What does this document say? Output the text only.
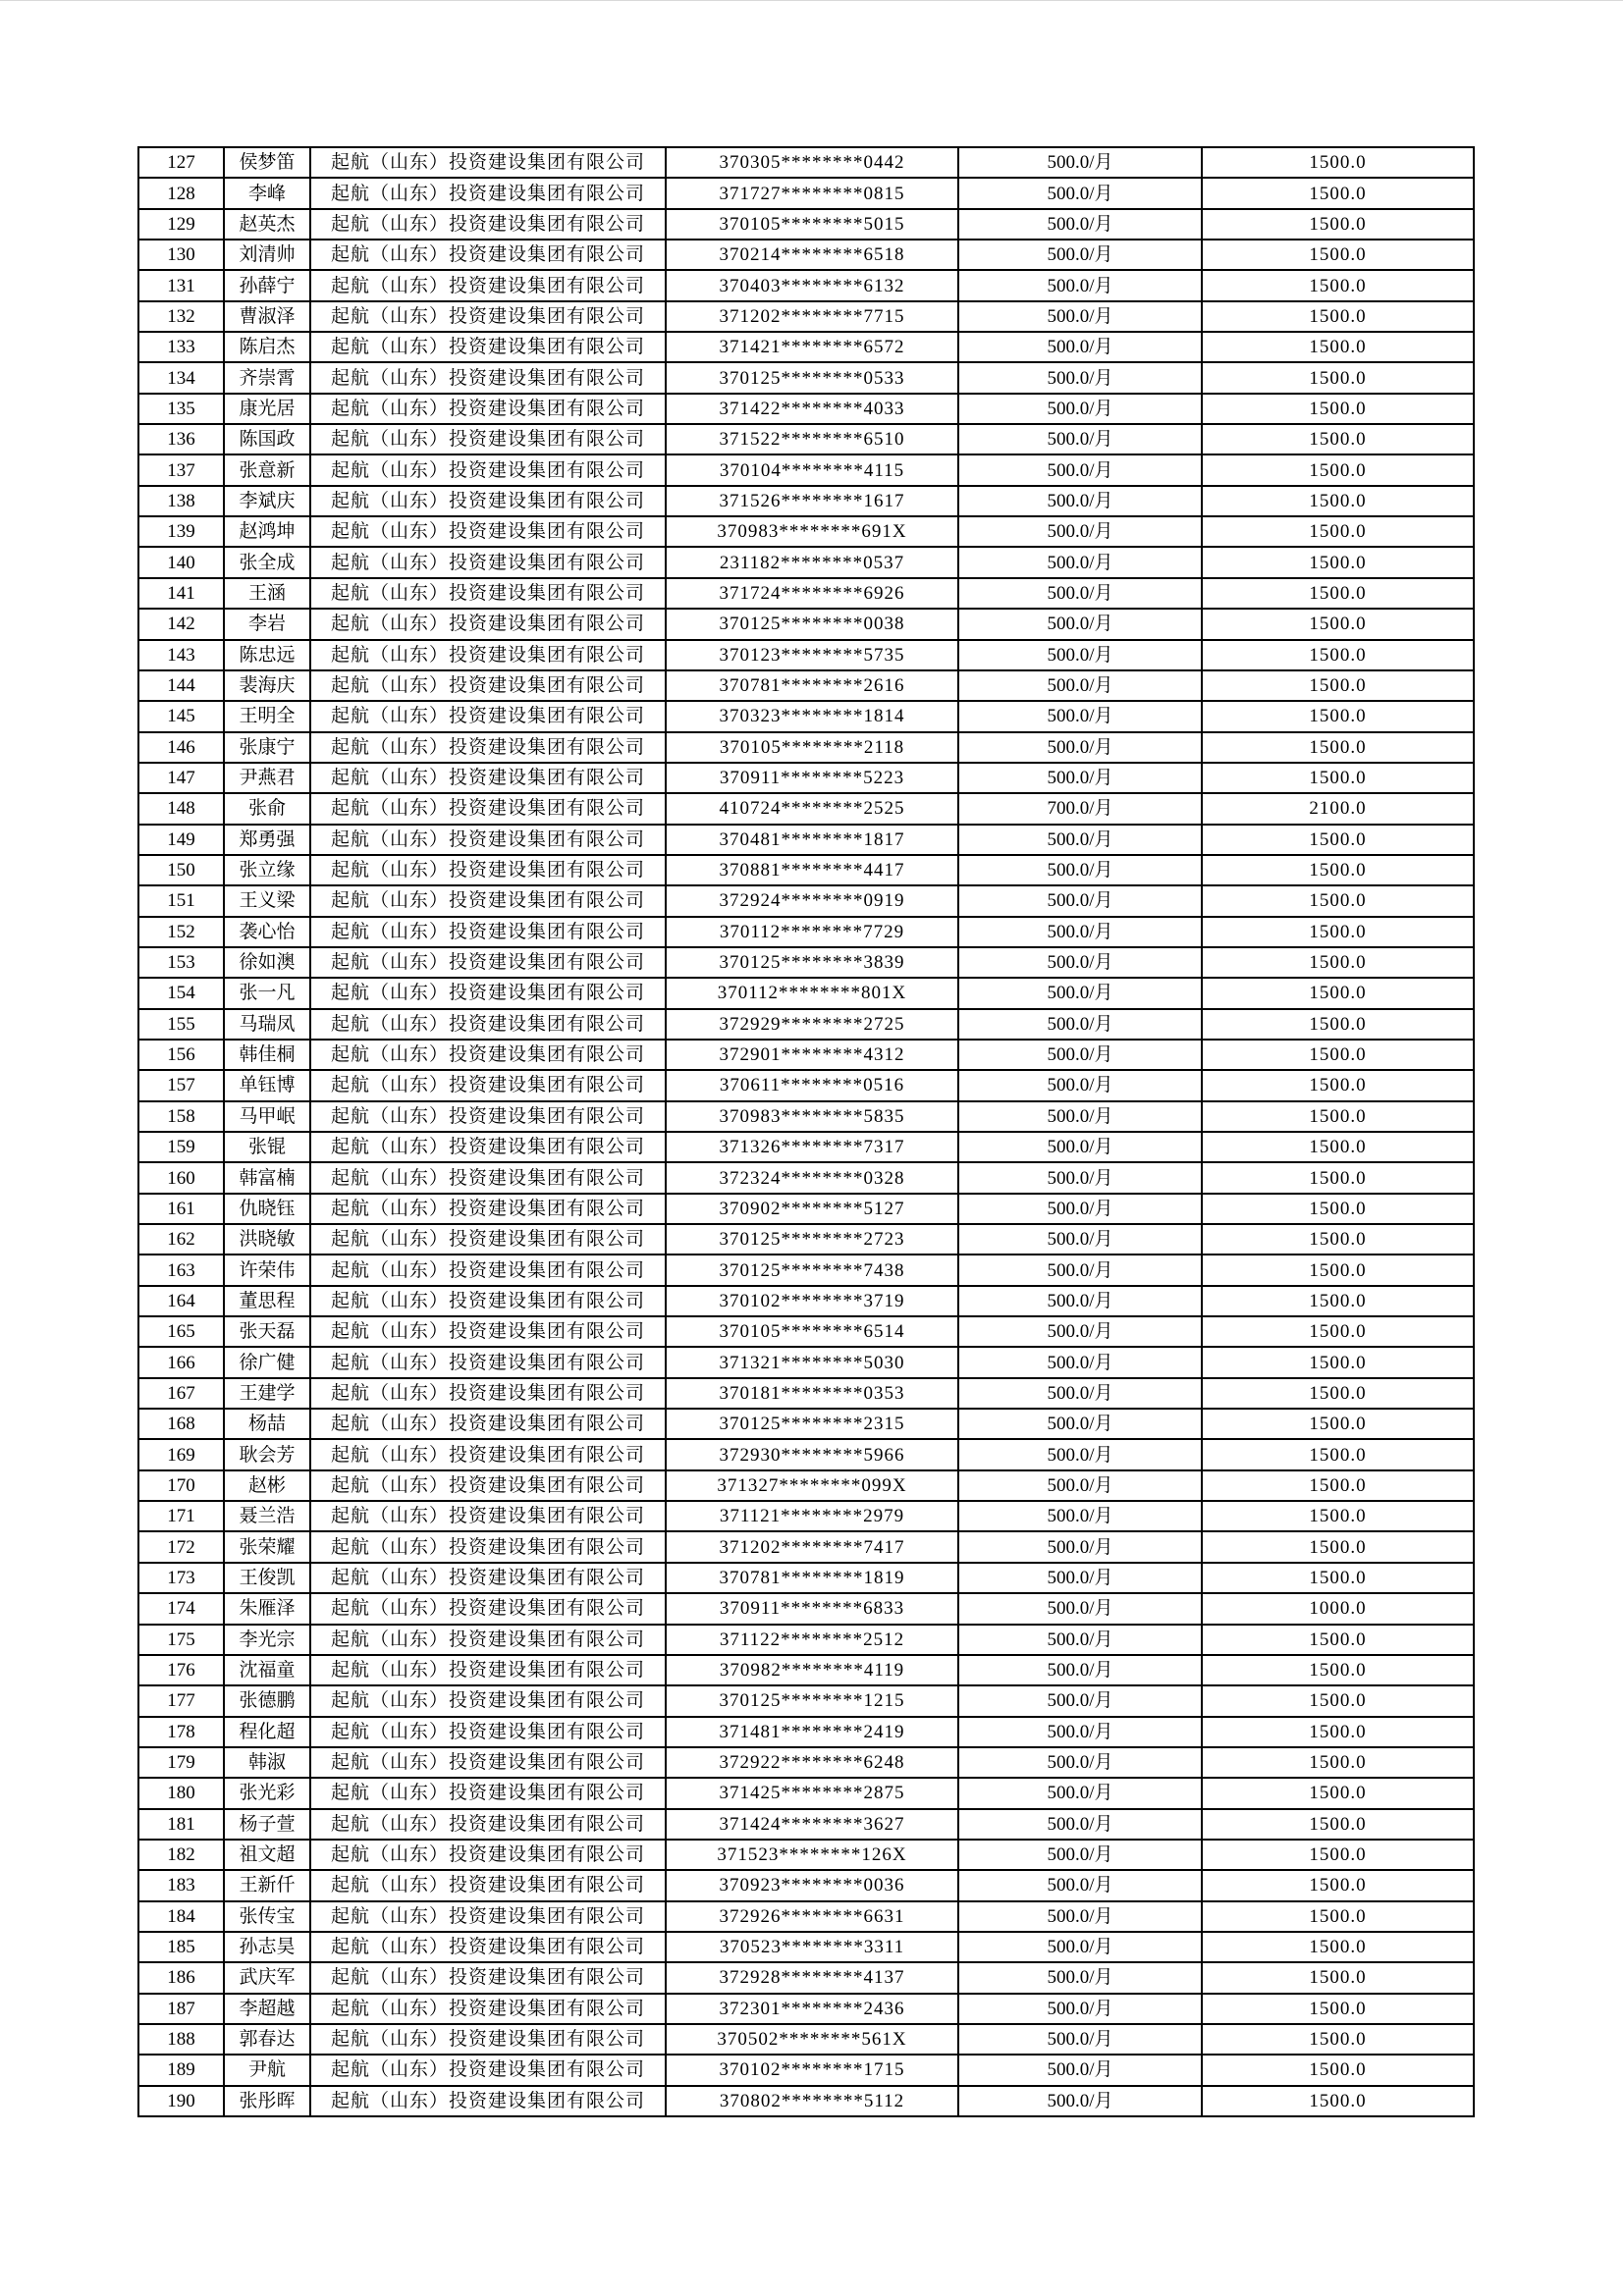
127	侯梦笛	起航（山东）投资建设集团有限公司	370305********0442	500.0/月	1500.0
128	李峰	起航（山东）投资建设集团有限公司	371727********0815	500.0/月	1500.0
129	赵英杰	起航（山东）投资建设集团有限公司	370105********5015	500.0/月	1500.0
130	刘清帅	起航（山东）投资建设集团有限公司	370214********6518	500.0/月	1500.0
131	孙薛宁	起航（山东）投资建设集团有限公司	370403********6132	500.0/月	1500.0
132	曹淑泽	起航（山东）投资建设集团有限公司	371202********7715	500.0/月	1500.0
133	陈启杰	起航（山东）投资建设集团有限公司	371421********6572	500.0/月	1500.0
134	齐崇霄	起航（山东）投资建设集团有限公司	370125********0533	500.0/月	1500.0
135	康光居	起航（山东）投资建设集团有限公司	371422********4033	500.0/月	1500.0
136	陈国政	起航（山东）投资建设集团有限公司	371522********6510	500.0/月	1500.0
137	张意新	起航（山东）投资建设集团有限公司	370104********4115	500.0/月	1500.0
138	李斌庆	起航（山东）投资建设集团有限公司	371526********1617	500.0/月	1500.0
139	赵鸿坤	起航（山东）投资建设集团有限公司	370983********691X	500.0/月	1500.0
140	张全成	起航（山东）投资建设集团有限公司	231182********0537	500.0/月	1500.0
141	王涵	起航（山东）投资建设集团有限公司	371724********6926	500.0/月	1500.0
142	李岩	起航（山东）投资建设集团有限公司	370125********0038	500.0/月	1500.0
143	陈忠远	起航（山东）投资建设集团有限公司	370123********5735	500.0/月	1500.0
144	裴海庆	起航（山东）投资建设集团有限公司	370781********2616	500.0/月	1500.0
145	王明全	起航（山东）投资建设集团有限公司	370323********1814	500.0/月	1500.0
146	张康宁	起航（山东）投资建设集团有限公司	370105********2118	500.0/月	1500.0
147	尹燕君	起航（山东）投资建设集团有限公司	370911********5223	500.0/月	1500.0
148	张俞	起航（山东）投资建设集团有限公司	410724********2525	700.0/月	2100.0
149	郑勇强	起航（山东）投资建设集团有限公司	370481********1817	500.0/月	1500.0
150	张立缘	起航（山东）投资建设集团有限公司	370881********4417	500.0/月	1500.0
151	王义梁	起航（山东）投资建设集团有限公司	372924********0919	500.0/月	1500.0
152	袭心怡	起航（山东）投资建设集团有限公司	370112********7729	500.0/月	1500.0
153	徐如澳	起航（山东）投资建设集团有限公司	370125********3839	500.0/月	1500.0
154	张一凡	起航（山东）投资建设集团有限公司	370112********801X	500.0/月	1500.0
155	马瑞凤	起航（山东）投资建设集团有限公司	372929********2725	500.0/月	1500.0
156	韩佳桐	起航（山东）投资建设集团有限公司	372901********4312	500.0/月	1500.0
157	单钰博	起航（山东）投资建设集团有限公司	370611********0516	500.0/月	1500.0
158	马甲岷	起航（山东）投资建设集团有限公司	370983********5835	500.0/月	1500.0
159	张锟	起航（山东）投资建设集团有限公司	371326********7317	500.0/月	1500.0
160	韩富楠	起航（山东）投资建设集团有限公司	372324********0328	500.0/月	1500.0
161	仇晓钰	起航（山东）投资建设集团有限公司	370902********5127	500.0/月	1500.0
162	洪晓敏	起航（山东）投资建设集团有限公司	370125********2723	500.0/月	1500.0
163	许荣伟	起航（山东）投资建设集团有限公司	370125********7438	500.0/月	1500.0
164	董思程	起航（山东）投资建设集团有限公司	370102********3719	500.0/月	1500.0
165	张天磊	起航（山东）投资建设集团有限公司	370105********6514	500.0/月	1500.0
166	徐广健	起航（山东）投资建设集团有限公司	371321********5030	500.0/月	1500.0
167	王建学	起航（山东）投资建设集团有限公司	370181********0353	500.0/月	1500.0
168	杨喆	起航（山东）投资建设集团有限公司	370125********2315	500.0/月	1500.0
169	耿会芳	起航（山东）投资建设集团有限公司	372930********5966	500.0/月	1500.0
170	赵彬	起航（山东）投资建设集团有限公司	371327********099X	500.0/月	1500.0
171	聂兰浩	起航（山东）投资建设集团有限公司	371121********2979	500.0/月	1500.0
172	张荣耀	起航（山东）投资建设集团有限公司	371202********7417	500.0/月	1500.0
173	王俊凯	起航（山东）投资建设集团有限公司	370781********1819	500.0/月	1500.0
174	朱雁泽	起航（山东）投资建设集团有限公司	370911********6833	500.0/月	1000.0
175	李光宗	起航（山东）投资建设集团有限公司	371122********2512	500.0/月	1500.0
176	沈福童	起航（山东）投资建设集团有限公司	370982********4119	500.0/月	1500.0
177	张德鹏	起航（山东）投资建设集团有限公司	370125********1215	500.0/月	1500.0
178	程化超	起航（山东）投资建设集团有限公司	371481********2419	500.0/月	1500.0
179	韩淑	起航（山东）投资建设集团有限公司	372922********6248	500.0/月	1500.0
180	张光彩	起航（山东）投资建设集团有限公司	371425********2875	500.0/月	1500.0
181	杨子萱	起航（山东）投资建设集团有限公司	371424********3627	500.0/月	1500.0
182	祖文超	起航（山东）投资建设集团有限公司	371523********126X	500.0/月	1500.0
183	王新仟	起航（山东）投资建设集团有限公司	370923********0036	500.0/月	1500.0
184	张传宝	起航（山东）投资建设集团有限公司	372926********6631	500.0/月	1500.0
185	孙志昊	起航（山东）投资建设集团有限公司	370523********3311	500.0/月	1500.0
186	武庆军	起航（山东）投资建设集团有限公司	372928********4137	500.0/月	1500.0
187	李超越	起航（山东）投资建设集团有限公司	372301********2436	500.0/月	1500.0
188	郭春达	起航（山东）投资建设集团有限公司	370502********561X	500.0/月	1500.0
189	尹航	起航（山东）投资建设集团有限公司	370102********1715	500.0/月	1500.0
190	张彤晖	起航（山东）投资建设集团有限公司	370802********5112	500.0/月	1500.0
